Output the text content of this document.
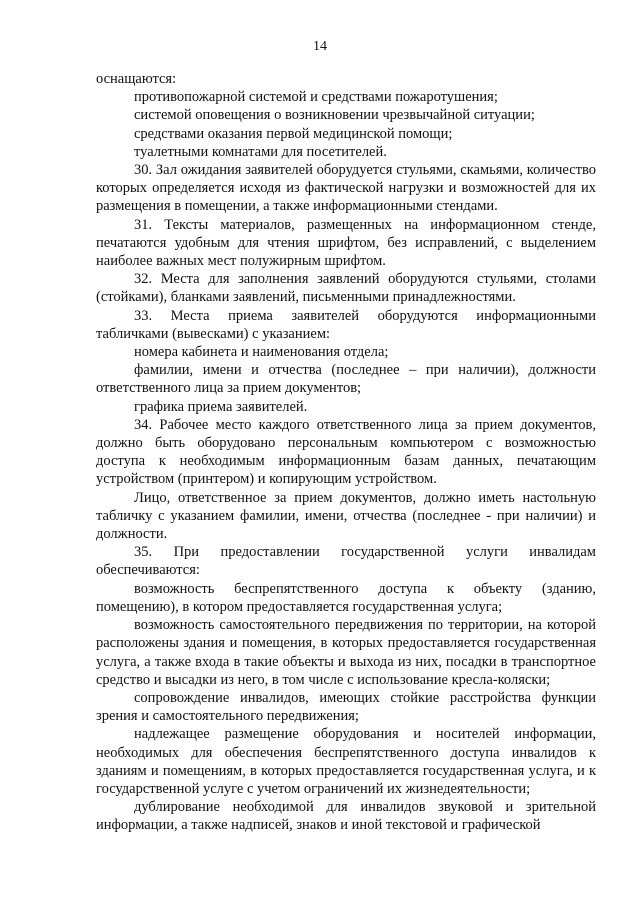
14

оснащаются:

противопожарной системой и средствами пожаротушения;

системой оповещения о возникновении чрезвычайной ситуации;

средствами оказания первой медицинской помощи;

туалетными комнатами для посетителей.

30. Зал ожидания заявителей оборудуется стульями, скамьями, количество которых определяется исходя из фактической нагрузки и возможностей для их размещения в помещении, а также информационными стендами.

31. Тексты материалов, размещенных на информационном стенде, печатаются удобным для чтения шрифтом, без исправлений, с выделением наиболее важных мест полужирным шрифтом.

32. Места для заполнения заявлений оборудуются стульями, столами (стойками), бланками заявлений, письменными принадлежностями.

33. Места приема заявителей оборудуются информационными табличками (вывесками) с указанием:

номера кабинета и наименования отдела;

фамилии, имени и отчества (последнее – при наличии), должности ответственного лица за прием документов;

графика приема заявителей.

34. Рабочее место каждого ответственного лица за прием документов, должно быть оборудовано персональным компьютером с возможностью доступа к необходимым информационным базам данных, печатающим устройством (принтером) и копирующим устройством.

Лицо, ответственное за прием документов, должно иметь настольную табличку с указанием фамилии, имени, отчества (последнее - при наличии) и должности.

35. При предоставлении государственной услуги инвалидам обеспечиваются:

возможность беспрепятственного доступа к объекту (зданию, помещению), в котором предоставляется государственная услуга;

возможность самостоятельного передвижения по территории, на которой расположены здания и помещения, в которых предоставляется государственная услуга, а также входа в такие объекты и выхода из них, посадки в транспортное средство и высадки из него, в том числе с использование кресла-коляски;

сопровождение инвалидов, имеющих стойкие расстройства функции зрения и самостоятельного передвижения;

надлежащее размещение оборудования и носителей информации, необходимых для обеспечения беспрепятственного доступа инвалидов к зданиям и помещениям, в которых предоставляется государственная услуга, и к государственной услуге с учетом ограничений их жизнедеятельности;

дублирование необходимой для инвалидов звуковой и зрительной информации, а также надписей, знаков и иной текстовой и графической
